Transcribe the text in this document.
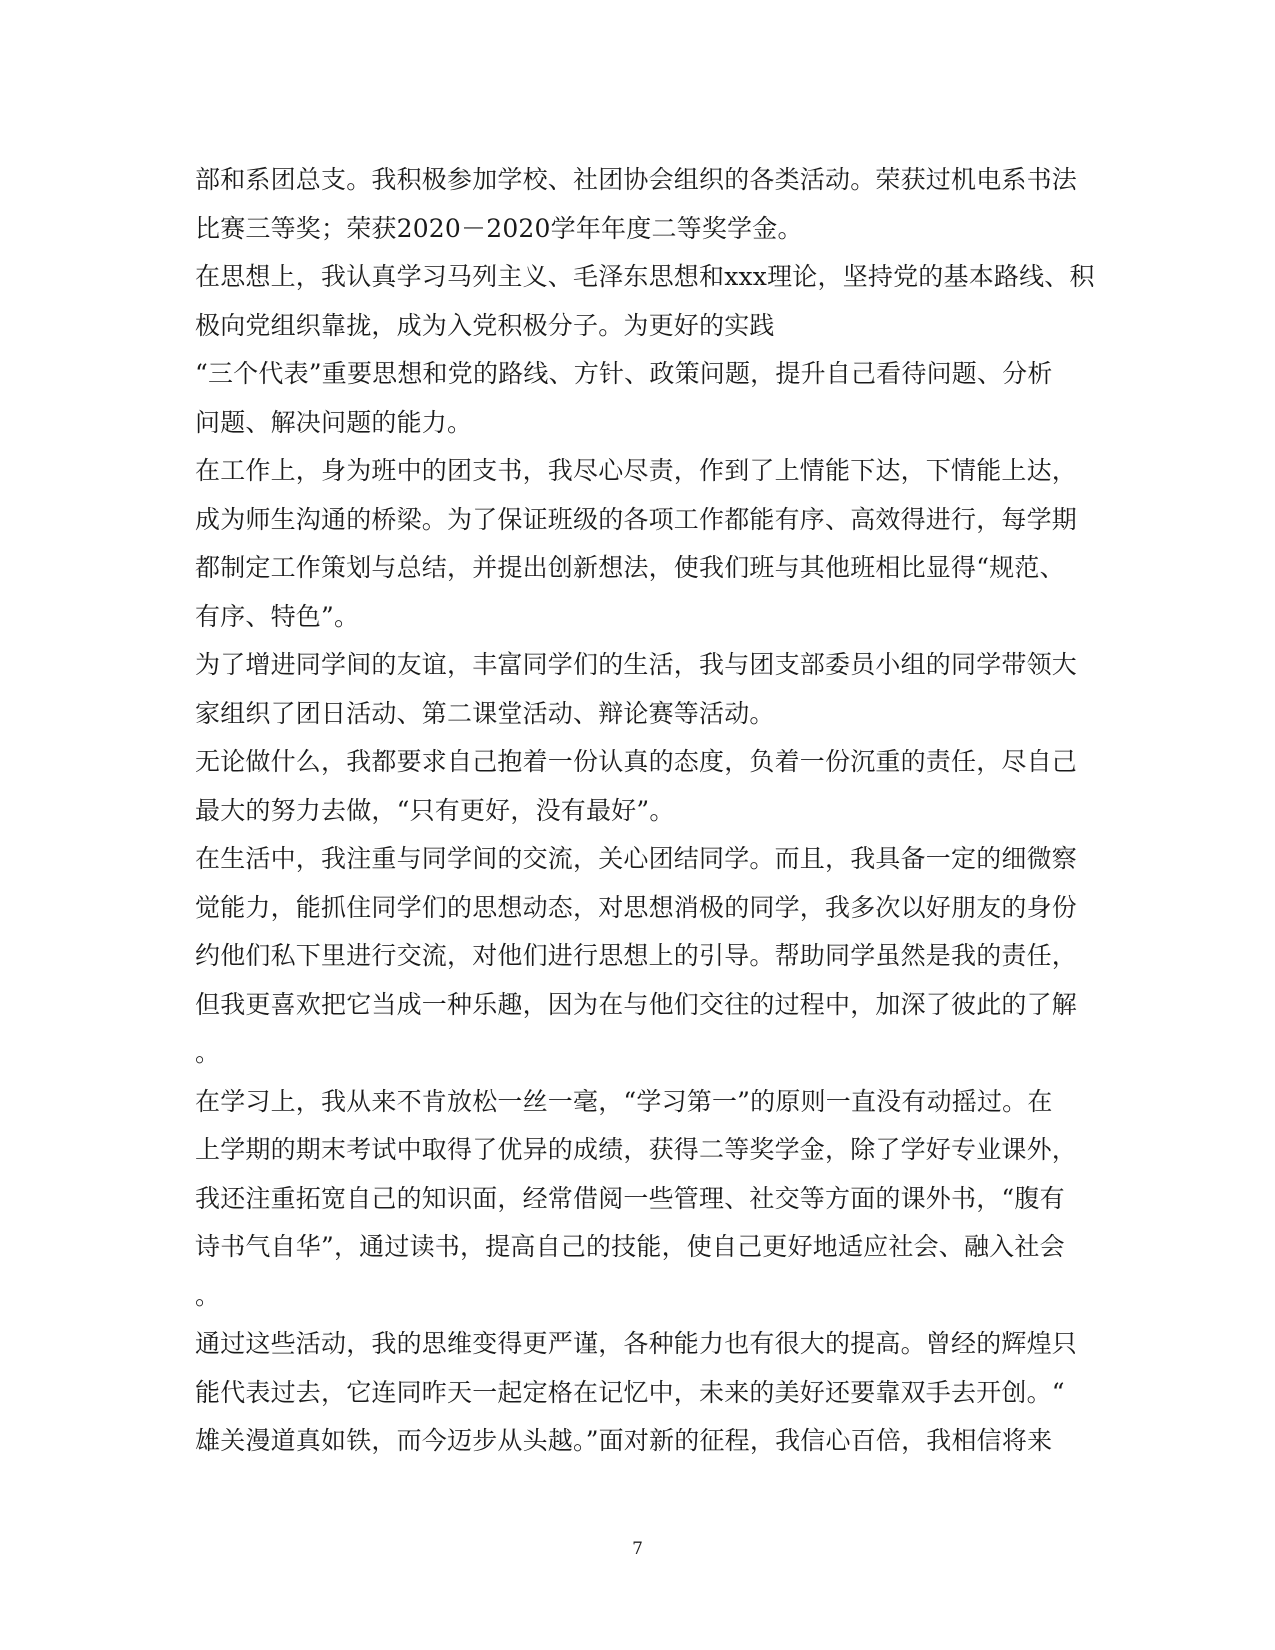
部和系团总支。我积极参加学校、社团协会组织的各类活动。荣获过机电系书法
比赛三等奖；荣获2020－2020学年年度二等奖学金。
在思想上，我认真学习马列主义、毛泽东思想和xxx理论，坚持党的基本路线、积
极向党组织靠拢，成为入党积极分子。为更好的实践
“三个代表”重要思想和党的路线、方针、政策问题，提升自己看待问题、分析
问题、解决问题的能力。
在工作上，身为班中的团支书，我尽心尽责，作到了上情能下达，下情能上达，
成为师生沟通的桥梁。为了保证班级的各项工作都能有序、高效得进行，每学期
都制定工作策划与总结，并提出创新想法，使我们班与其他班相比显得“规范、
有序、特色”。
为了增进同学间的友谊，丰富同学们的生活，我与团支部委员小组的同学带领大
家组织了团日活动、第二课堂活动、辩论赛等活动。
无论做什么，我都要求自己抱着一份认真的态度，负着一份沉重的责任，尽自己
最大的努力去做，“只有更好，没有最好”。
在生活中，我注重与同学间的交流，关心团结同学。而且，我具备一定的细微察
觉能力，能抓住同学们的思想动态，对思想消极的同学，我多次以好朋友的身份
约他们私下里进行交流，对他们进行思想上的引导。帮助同学虽然是我的责任，
但我更喜欢把它当成一种乐趣，因为在与他们交往的过程中，加深了彼此的了解
。
在学习上，我从来不肯放松一丝一毫，“学习第一”的原则一直没有动摇过。在
上学期的期末考试中取得了优异的成绩，获得二等奖学金，除了学好专业课外，
我还注重拓宽自己的知识面，经常借阅一些管理、社交等方面的课外书，“腹有
诗书气自华”，通过读书，提高自己的技能，使自己更好地适应社会、融入社会
。
通过这些活动，我的思维变得更严谨，各种能力也有很大的提高。曾经的辉煌只
能代表过去，它连同昨天一起定格在记忆中，未来的美好还要靠双手去开创。“
雄关漫道真如铁，而今迈步从头越。”面对新的征程，我信心百倍，我相信将来
7
